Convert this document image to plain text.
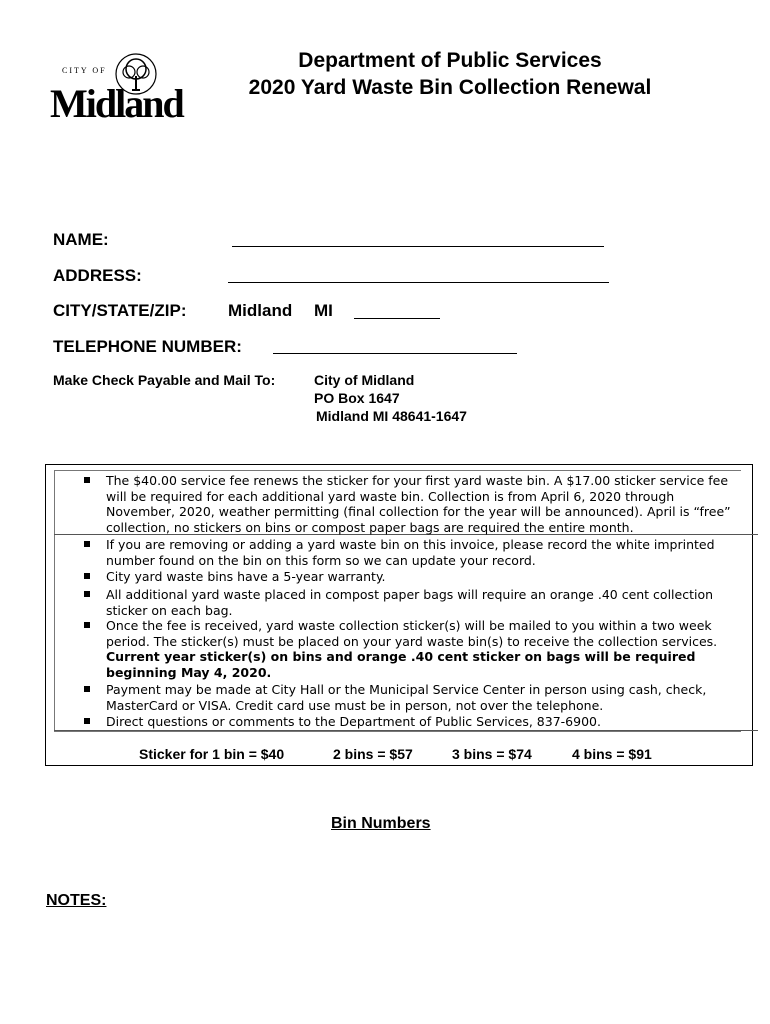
CITY OF
Midland
Department of Public Services
2020 Yard Waste Bin Collection Renewal
NAME:
ADDRESS:
CITY/STATE/ZIP: Midland MI
TELEPHONE NUMBER:
Make Check Payable and Mail To:	City of Midland
PO Box 1647
Midland MI 48641-1647
The $40.00 service fee renews the sticker for your first yard waste bin. A $17.00 sticker service fee will be required for each additional yard waste bin. Collection is from April 6, 2020 through November, 2020, weather permitting (final collection for the year will be announced). April is “free” collection, no stickers on bins or compost paper bags are required the entire month.
If you are removing or adding a yard waste bin on this invoice, please record the white imprinted number found on the bin on this form so we can update your record.
City yard waste bins have a 5-year warranty.
All additional yard waste placed in compost paper bags will require an orange .40 cent collection sticker on each bag.
Once the fee is received, yard waste collection sticker(s) will be mailed to you within a two week period. The sticker(s) must be placed on your yard waste bin(s) to receive the collection services. Current year sticker(s) on bins and orange .40 cent sticker on bags will be required beginning May 4, 2020.
Payment may be made at City Hall or the Municipal Service Center in person using cash, check, MasterCard or VISA. Credit card use must be in person, not over the telephone.
Direct questions or comments to the Department of Public Services, 837-6900.
Sticker for 1 bin = $40	2 bins = $57	3 bins = $74	4 bins = $91
Bin Numbers
NOTES:
